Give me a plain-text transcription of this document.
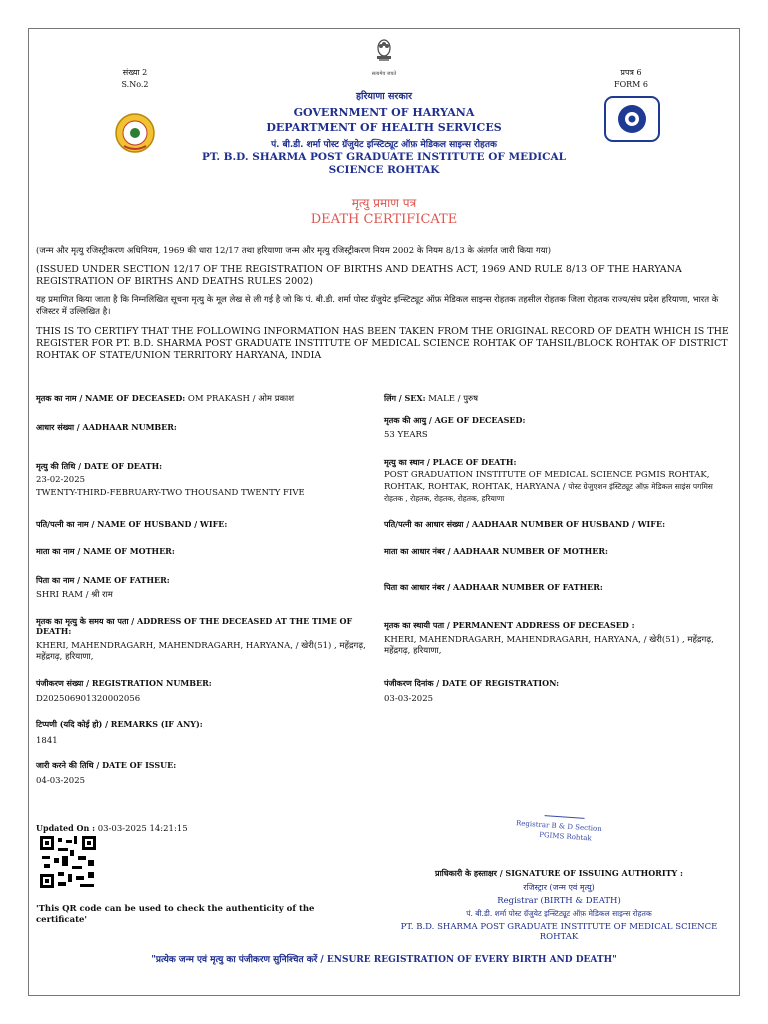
सत्यमेव जयते
संख्या 2
S.No.2
प्रपत्र 6
FORM 6
हरियाणा सरकार
GOVERNMENT OF HARYANA
DEPARTMENT OF HEALTH SERVICES
पं. बी.डी. शर्मा पोस्ट ग्रॅजुयेट इन्स्टिट्यूट ऑफ़ मेडिकल साइन्स रोहतक
PT. B.D. SHARMA POST GRADUATE INSTITUTE OF MEDICAL SCIENCE ROHTAK
मृत्यु प्रमाण पत्र
DEATH CERTIFICATE
(जन्म और मृत्यु रजिस्ट्रीकरण अधिनियम, 1969 की धारा 12/17 तथा हरियाणा जन्म और मृत्यु रजिस्ट्रीकरण नियम 2002 के नियम 8/13 के अंतर्गत जारी किया गया)
(ISSUED UNDER SECTION 12/17 OF THE REGISTRATION OF BIRTHS AND DEATHS ACT, 1969 AND RULE 8/13 OF THE HARYANA REGISTRATION OF BIRTHS AND DEATHS RULES 2002)
यह प्रमाणित किया जाता है कि निम्नलिखित सूचना मृत्यु के मूल लेख से ली गई है जो कि पं. बी.डी. शर्मा पोस्ट ग्रॅजुयेट इन्स्टिट्यूट ऑफ़ मेडिकल साइन्स रोहतक तहसील रोहतक जिला रोहतक राज्य/संघ प्रदेश हरियाणा, भारत के रजिस्टर में उल्लिखित है।
THIS IS TO CERTIFY THAT THE FOLLOWING INFORMATION HAS BEEN TAKEN FROM THE ORIGINAL RECORD OF DEATH WHICH IS THE REGISTER FOR PT. B.D. SHARMA POST GRADUATE INSTITUTE OF MEDICAL SCIENCE ROHTAK OF TAHSIL/BLOCK ROHTAK OF DISTRICT ROHTAK OF STATE/UNION TERRITORY HARYANA, INDIA
मृतक का नाम / NAME OF DECEASED: OM PRAKASH / ओम प्रकाश	लिंग / SEX: MALE / पुरुष
आधार संख्या / AADHAAR NUMBER:
मृतक की आयु / AGE OF DECEASED:
53 YEARS
मृत्यु की तिथि / DATE OF DEATH:
23-02-2025
TWENTY-THIRD-FEBRUARY-TWO THOUSAND TWENTY FIVE
मृत्यु का स्थान / PLACE OF DEATH:
POST GRADUATION INSTITUTE OF MEDICAL SCIENCE PGMIS ROHTAK, ROHTAK, ROHTAK, ROHTAK, HARYANA / पोस्ट ग्रेजुएशन इंस्टिट्यूट ऑफ़ मेडिकल साइंस पगमिस रोहतक , रोहतक, रोहतक, रोहतक, हरियाणा
पति/पत्नी का नाम / NAME OF HUSBAND / WIFE:	पति/पत्नी का आधार संख्या / AADHAAR NUMBER OF HUSBAND / WIFE:
माता का नाम / NAME OF MOTHER:	माता का आधार नंबर / AADHAAR NUMBER OF MOTHER:
पिता का नाम / NAME OF FATHER:
SHRI RAM / श्री राम
पिता का आधार नंबर / AADHAAR NUMBER OF FATHER:
मृतक का मृत्यु के समय का पता / ADDRESS OF THE DECEASED AT THE TIME OF DEATH:
KHERI, MAHENDRAGARH, MAHENDRAGARH, HARYANA, / खेरी(51) , महेंद्रगढ़, महेंद्रगढ़, हरियाणा,
मृतक का स्थायी पता / PERMANENT ADDRESS OF DECEASED :
KHERI, MAHENDRAGARH, MAHENDRAGARH, HARYANA, / खेरी(51) , महेंद्रगढ़, महेंद्रगढ़, हरियाणा,
पंजीकरण संख्या / REGISTRATION NUMBER:
D202506901320002056
पंजीकरण दिनांक / DATE OF REGISTRATION:
03-03-2025
टिप्पणी (यदि कोई हो) / REMARKS (IF ANY):
1841
जारी करने की तिथि / DATE OF ISSUE:
04-03-2025
Updated On : 03-03-2025 14:21:15
'This QR code can be used to check the authenticity of the certificate'
Registrar B & D Section
PGIMS Rohtak
प्राधिकारी के हस्ताक्षर / SIGNATURE OF ISSUING AUTHORITY :
रजिस्ट्रार (जन्म एवं मृत्यु)
Registrar (BIRTH & DEATH)
पं. बी.डी. शर्मा पोस्ट ग्रॅजुयेट इन्स्टिट्यूट ऑफ़ मेडिकल साइन्स रोहतक
PT. B.D. SHARMA POST GRADUATE INSTITUTE OF MEDICAL SCIENCE ROHTAK
"प्रत्येक जन्म एवं मृत्यु का पंजीकरण सुनिश्चित करें / ENSURE REGISTRATION OF EVERY BIRTH AND DEATH"
